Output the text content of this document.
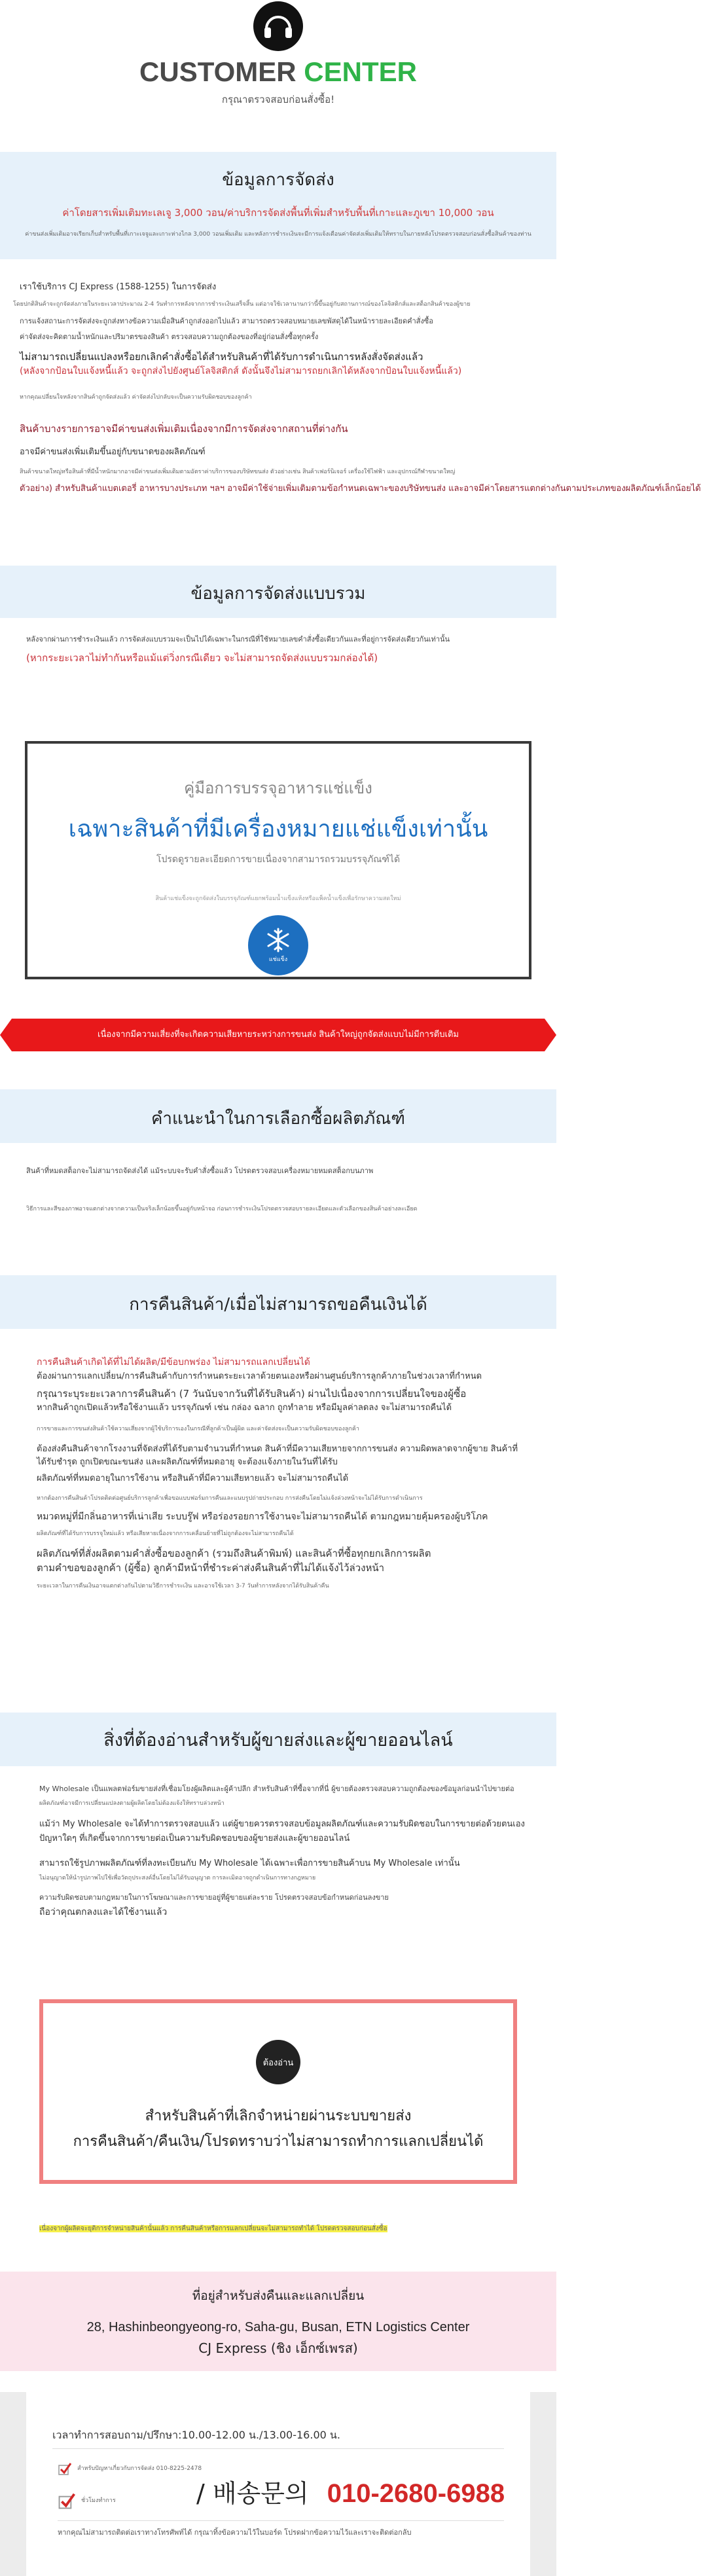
CUSTOMER CENTER
กรุณาตรวจสอบก่อนสั่งซื้อ!
ข้อมูลการจัดส่ง
ค่าโดยสารเพิ่มเติมทะเลเจู 3,000 วอน/ค่าบริการจัดส่งพื้นที่เพิ่มสำหรับพื้นที่เกาะและภูเขา 10,000 วอน
ค่าขนส่งเพิ่มเติมอาจเรียกเก็บสำหรับพื้นที่เกาะเจจูและเกาะห่างไกล 3,000 วอนเพิ่มเติม และหลังการชำระเงินจะมีการแจ้งเตือนค่าจัดส่งเพิ่มเติมให้ทราบในภายหลังโปรดตรวจสอบก่อนสั่งซื้อสินค้าของท่าน
เราใช้บริการ CJ Express (1588-1255) ในการจัดส่ง
โดยปกติสินค้าจะถูกจัดส่งภายในระยะเวลาประมาณ 2-4 วันทำการหลังจากการชำระเงินเสร็จสิ้น แต่อาจใช้เวลานานกว่านี้ขึ้นอยู่กับสถานการณ์ของโลจิสติกส์และสต็อกสินค้าของผู้ขาย
การแจ้งสถานะการจัดส่งจะถูกส่งทางข้อความเมื่อสินค้าถูกส่งออกไปแล้ว สามารถตรวจสอบหมายเลขพัสดุได้ในหน้ารายละเอียดคำสั่งซื้อ
ค่าจัดส่งจะคิดตามน้ำหนักและปริมาตรของสินค้า ตรวจสอบความถูกต้องของที่อยู่ก่อนสั่งซื้อทุกครั้ง
ไม่สามารถเปลี่ยนแปลงหรือยกเลิกคำสั่งซื้อได้สำหรับสินค้าที่ได้รับการดำเนินการหลังสั่งจัดส่งแล้ว
(หลังจากป้อนใบแจ้งหนี้แล้ว จะถูกส่งไปยังศูนย์โลจิสติกส์ ดังนั้นจึงไม่สามารถยกเลิกได้หลังจากป้อนใบแจ้งหนี้แล้ว)
หากคุณเปลี่ยนใจหลังจากสินค้าถูกจัดส่งแล้ว ค่าจัดส่งไปกลับจะเป็นความรับผิดชอบของลูกค้า
สินค้าบางรายการอาจมีค่าขนส่งเพิ่มเติมเนื่องจากมีการจัดส่งจากสถานที่ต่างกัน
อาจมีค่าขนส่งเพิ่มเติมขึ้นอยู่กับขนาดของผลิตภัณฑ์
สินค้าขนาดใหญ่หรือสินค้าที่มีน้ำหนักมากอาจมีค่าขนส่งเพิ่มเติมตามอัตราค่าบริการของบริษัทขนส่ง ตัวอย่างเช่น สินค้าเฟอร์นิเจอร์ เครื่องใช้ไฟฟ้า และอุปกรณ์กีฬาขนาดใหญ่
ตัวอย่าง) สำหรับสินค้าแบตเตอรี่ อาหารบางประเภท ฯลฯ อาจมีค่าใช้จ่ายเพิ่มเติมตามข้อกำหนดเฉพาะของบริษัทขนส่ง และอาจมีค่าโดยสารแตกต่างกันตามประเภทของผลิตภัณฑ์เล็กน้อยได้
ข้อมูลการจัดส่งแบบรวม
หลังจากผ่านการชำระเงินแล้ว การจัดส่งแบบรวมจะเป็นไปได้เฉพาะในกรณีที่ใช้หมายเลขคำสั่งซื้อเดียวกันและที่อยู่การจัดส่งเดียวกันเท่านั้น
(หากระยะเวลาไม่ทำกันหรือแม้แต่วิ่งกรณีเดียว จะไม่สามารถจัดส่งแบบรวมกล่องได้)
คู่มือการบรรจุอาหารแช่แข็ง
เฉพาะสินค้าที่มีเครื่องหมายแช่แข็งเท่านั้น
โปรดดูรายละเอียดการขายเนื่องจากสามารถรวมบรรจุภัณฑ์ได้
สินค้าแช่แข็งจะถูกจัดส่งในบรรจุภัณฑ์แยกพร้อมน้ำแข็งแห้งหรือแพ็คน้ำแข็งเพื่อรักษาความสดใหม่
แช่แข็ง
เนื่องจากมีความเสี่ยงที่จะเกิดความเสียหายระหว่างการขนส่ง สินค้าใหญ่ถูกจัดส่งแบบไม่มีการตีบเติม
คำแนะนำในการเลือกซื้อผลิตภัณฑ์
สินค้าที่หมดสต็อกจะไม่สามารถจัดส่งได้ แม้ระบบจะรับคำสั่งซื้อแล้ว โปรดตรวจสอบเครื่องหมายหมดสต็อกบนภาพ
วิธีการและสีของภาพอาจแตกต่างจากความเป็นจริงเล็กน้อยขึ้นอยู่กับหน้าจอ ก่อนการชำระเงินโปรดตรวจสอบรายละเอียดและตัวเลือกของสินค้าอย่างละเอียด
การคืนสินค้า/เมื่อไม่สามารถขอคืนเงินได้
การคืนสินค้าเกิดได้ที่ไม่ได้ผลิต/มีข้อบกพร่อง ไม่สามารถแลกเปลี่ยนได้
ต้องผ่านการแลกเปลี่ยน/การคืนสินค้ากับการกำหนดระยะเวลาด้วยตนเองหรือผ่านศูนย์บริการลูกค้าภายในช่วงเวลาที่กำหนด
กรุณาระบุระยะเวลาการคืนสินค้า (7 วันนับจากวันที่ได้รับสินค้า) ผ่านไปเนื่องจากการเปลี่ยนใจของผู้ซื้อ
หากสินค้าถูกเปิดแล้วหรือใช้งานแล้ว บรรจุภัณฑ์ เช่น กล่อง ฉลาก ถูกทำลาย หรือมีมูลค่าลดลง จะไม่สามารถคืนได้
การขายและการขนส่งสินค้าใช้ความเสี่ยงจากผู้ใช้บริการเองในกรณีที่ลูกค้าเป็นผู้ผิด และค่าจัดส่งจะเป็นความรับผิดชอบของลูกค้า
ต้องส่งคืนสินค้าจากโรงงานที่จัดส่งที่ได้รับตามจำนวนที่กำหนด สินค้าที่มีความเสียหายจากการขนส่ง ความผิดพลาดจากผู้ขาย สินค้าที่ได้รับชำรุด ถูกเปิดขณะขนส่ง และผลิตภัณฑ์ที่หมดอายุ จะต้องแจ้งภายในวันที่ได้รับ
ผลิตภัณฑ์ที่หมดอายุในการใช้งาน หรือสินค้าที่มีความเสียหายแล้ว จะไม่สามารถคืนได้
หากต้องการคืนสินค้าโปรดติดต่อศูนย์บริการลูกค้าเพื่อขอแบบฟอร์มการคืนและแนบรูปถ่ายประกอบ การส่งคืนโดยไม่แจ้งล่วงหน้าจะไม่ได้รับการดำเนินการ
หมวดหมู่ที่มีกลิ่นอาหารที่เน่าเสีย ระบบรู๊ฟ หรือร่องรอยการใช้งานจะไม่สามารถคืนได้ ตามกฎหมายคุ้มครองผู้บริโภค
ผลิตภัณฑ์ที่ได้รับการบรรจุใหม่แล้ว หรือเสียหายเนื่องจากการเคลื่อนย้ายที่ไม่ถูกต้องจะไม่สามารถคืนได้
ผลิตภัณฑ์ที่สั่งผลิตตามคำสั่งซื้อของลูกค้า (รวมถึงสินค้าพิมพ์) และสินค้าที่ซื้อทุกยกเลิกการผลิต
ตามคำขอของลูกค้า (ผู้ซื้อ) ลูกค้ามีหน้าที่ชำระค่าส่งคืนสินค้าที่ไม่ได้แจ้งไว้ล่วงหน้า
ระยะเวลาในการคืนเงินอาจแตกต่างกันไปตามวิธีการชำระเงิน และอาจใช้เวลา 3-7 วันทำการหลังจากได้รับสินค้าคืน
สิ่งที่ต้องอ่านสำหรับผู้ขายส่งและผู้ขายออนไลน์
My Wholesale เป็นแพลตฟอร์มขายส่งที่เชื่อมโยงผู้ผลิตและผู้ค้าปลีก สำหรับสินค้าที่ซื้อจากที่นี่ ผู้ขายต้องตรวจสอบความถูกต้องของข้อมูลก่อนนำไปขายต่อ
ผลิตภัณฑ์อาจมีการเปลี่ยนแปลงตามผู้ผลิตโดยไม่ต้องแจ้งให้ทราบล่วงหน้า
แม้ว่า My Wholesale จะได้ทำการตรวจสอบแล้ว แต่ผู้ขายควรตรวจสอบข้อมูลผลิตภัณฑ์และความรับผิดชอบในการขายต่อด้วยตนเอง
ปัญหาใดๆ ที่เกิดขึ้นจากการขายต่อเป็นความรับผิดชอบของผู้ขายส่งและผู้ขายออนไลน์
สามารถใช้รูปภาพผลิตภัณฑ์ที่ลงทะเบียนกับ My Wholesale ได้เฉพาะเพื่อการขายสินค้าบน My Wholesale เท่านั้น
ไม่อนุญาตให้นำรูปภาพไปใช้เพื่อวัตถุประสงค์อื่นโดยไม่ได้รับอนุญาต การละเมิดอาจถูกดำเนินการทางกฎหมาย
ความรับผิดชอบตามกฎหมายในการโฆษณาและการขายอยู่ที่ผู้ขายแต่ละราย โปรดตรวจสอบข้อกำหนดก่อนลงขาย
ถือว่าคุณตกลงและได้ใช้งานแล้ว
ต้องอ่าน
สำหรับสินค้าที่เลิกจำหน่ายผ่านระบบขายส่ง
การคืนสินค้า/คืนเงิน/โปรดทราบว่าไม่สามารถทำการแลกเปลี่ยนได้
เนื่องจากผู้ผลิตจะยุติการจำหน่ายสินค้านั้นแล้ว การคืนสินค้าหรือการแลกเปลี่ยนจะไม่สามารถทำได้ โปรดตรวจสอบก่อนสั่งซื้อ
ที่อยู่สำหรับส่งคืนและแลกเปลี่ยน
28, Hashinbeongyeong-ro, Saha-gu, Busan, ETN Logistics Center
CJ Express (ชิง เอ็กซ์เพรส)
เวลาทำการสอบถาม/ปรึกษา:10.00-12.00 น./13.00-16.00 น.
สำหรับปัญหาเกี่ยวกับการจัดส่ง 010-8225-2478
ชั่วโมงทำการ	/ 배송문의 010-2680-6988
หากคุณไม่สามารถติดต่อเราทางโทรศัพท์ได้ กรุณาทิ้งข้อความไว้ในบอร์ด โปรดฝากข้อความไว้และเราจะติดต่อกลับ
